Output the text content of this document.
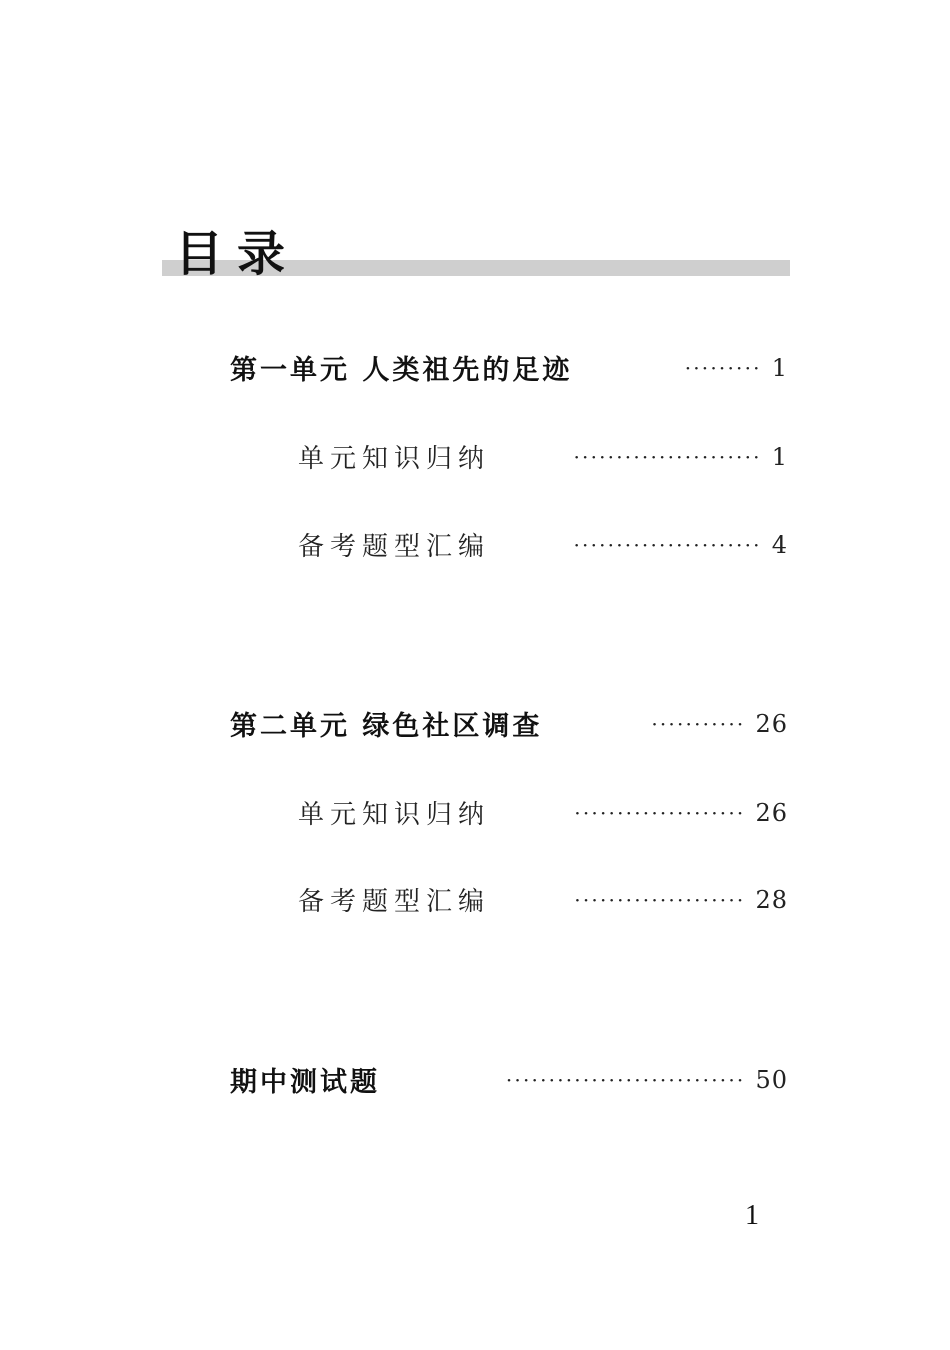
目录
第一单元 人类祖先的足迹	········· 1
单元知识归纳	······················ 1
备考题型汇编	······················ 4
第二单元 绿色社区调查	··········· 26
单元知识归纳	···················· 26
备考题型汇编	···················· 28
期中测试题	···························· 50
1
